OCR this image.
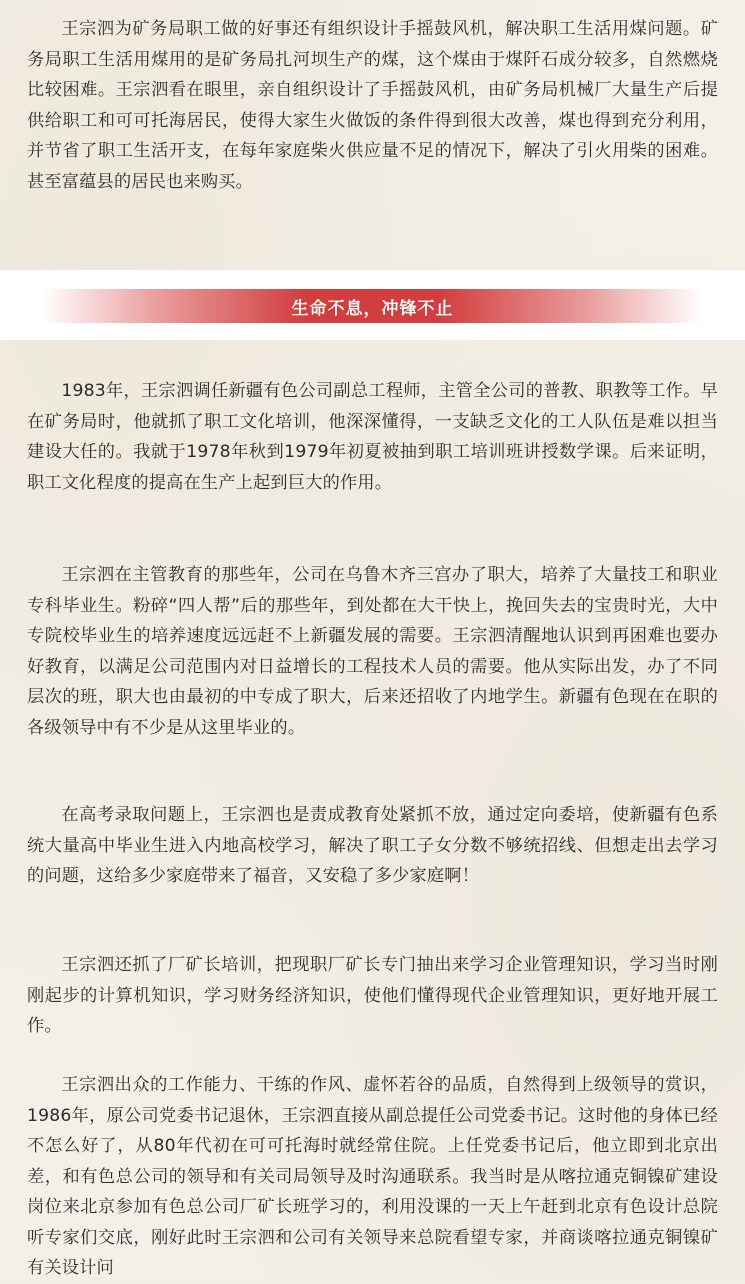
王宗泗为矿务局职工做的好事还有组织设计手摇鼓风机，解决职工生活用煤问题。矿务局职工生活用煤用的是矿务局扎河坝生产的煤，这个煤由于煤阡石成分较多，自然燃烧比较困难。王宗泗看在眼里，亲自组织设计了手摇鼓风机，由矿务局机械厂大量生产后提供给职工和可可托海居民，使得大家生火做饭的条件得到很大改善，煤也得到充分利用，并节省了职工生活开支，在每年家庭柴火供应量不足的情况下，解决了引火用柴的困难。甚至富蕴县的居民也来购买。

生命不息，冲锋不止

1983年，王宗泗调任新疆有色公司副总工程师，主管全公司的普教、职教等工作。早在矿务局时，他就抓了职工文化培训，他深深懂得，一支缺乏文化的工人队伍是难以担当建设大任的。我就于1978年秋到1979年初夏被抽到职工培训班讲授数学课。后来证明，职工文化程度的提高在生产上起到巨大的作用。

王宗泗在主管教育的那些年，公司在乌鲁木齐三宫办了职大，培养了大量技工和职业专科毕业生。粉碎“四人帮”后的那些年，到处都在大干快上，挽回失去的宝贵时光，大中专院校毕业生的培养速度远远赶不上新疆发展的需要。王宗泗清醒地认识到再困难也要办好教育，以满足公司范围内对日益增长的工程技术人员的需要。他从实际出发，办了不同层次的班，职大也由最初的中专成了职大，后来还招收了内地学生。新疆有色现在在职的各级领导中有不少是从这里毕业的。

在高考录取问题上，王宗泗也是责成教育处紧抓不放，通过定向委培，使新疆有色系统大量高中毕业生进入内地高校学习，解决了职工子女分数不够统招线、但想走出去学习的问题，这给多少家庭带来了福音，又安稳了多少家庭啊！

王宗泗还抓了厂矿长培训，把现职厂矿长专门抽出来学习企业管理知识，学习当时刚刚起步的计算机知识，学习财务经济知识，使他们懂得现代企业管理知识，更好地开展工作。

王宗泗出众的工作能力、干练的作风、虚怀若谷的品质，自然得到上级领导的赏识，1986年，原公司党委书记退休，王宗泗直接从副总提任公司党委书记。这时他的身体已经不怎么好了，从80年代初在可可托海时就经常住院。上任党委书记后，他立即到北京出差，和有色总公司的领导和有关司局领导及时沟通联系。我当时是从喀拉通克铜镍矿建设岗位来北京参加有色总公司厂矿长班学习的，利用没课的一天上午赶到北京有色设计总院听专家们交底，刚好此时王宗泗和公司有关领导来总院看望专家，并商谈喀拉通克铜镍矿有关设计问
